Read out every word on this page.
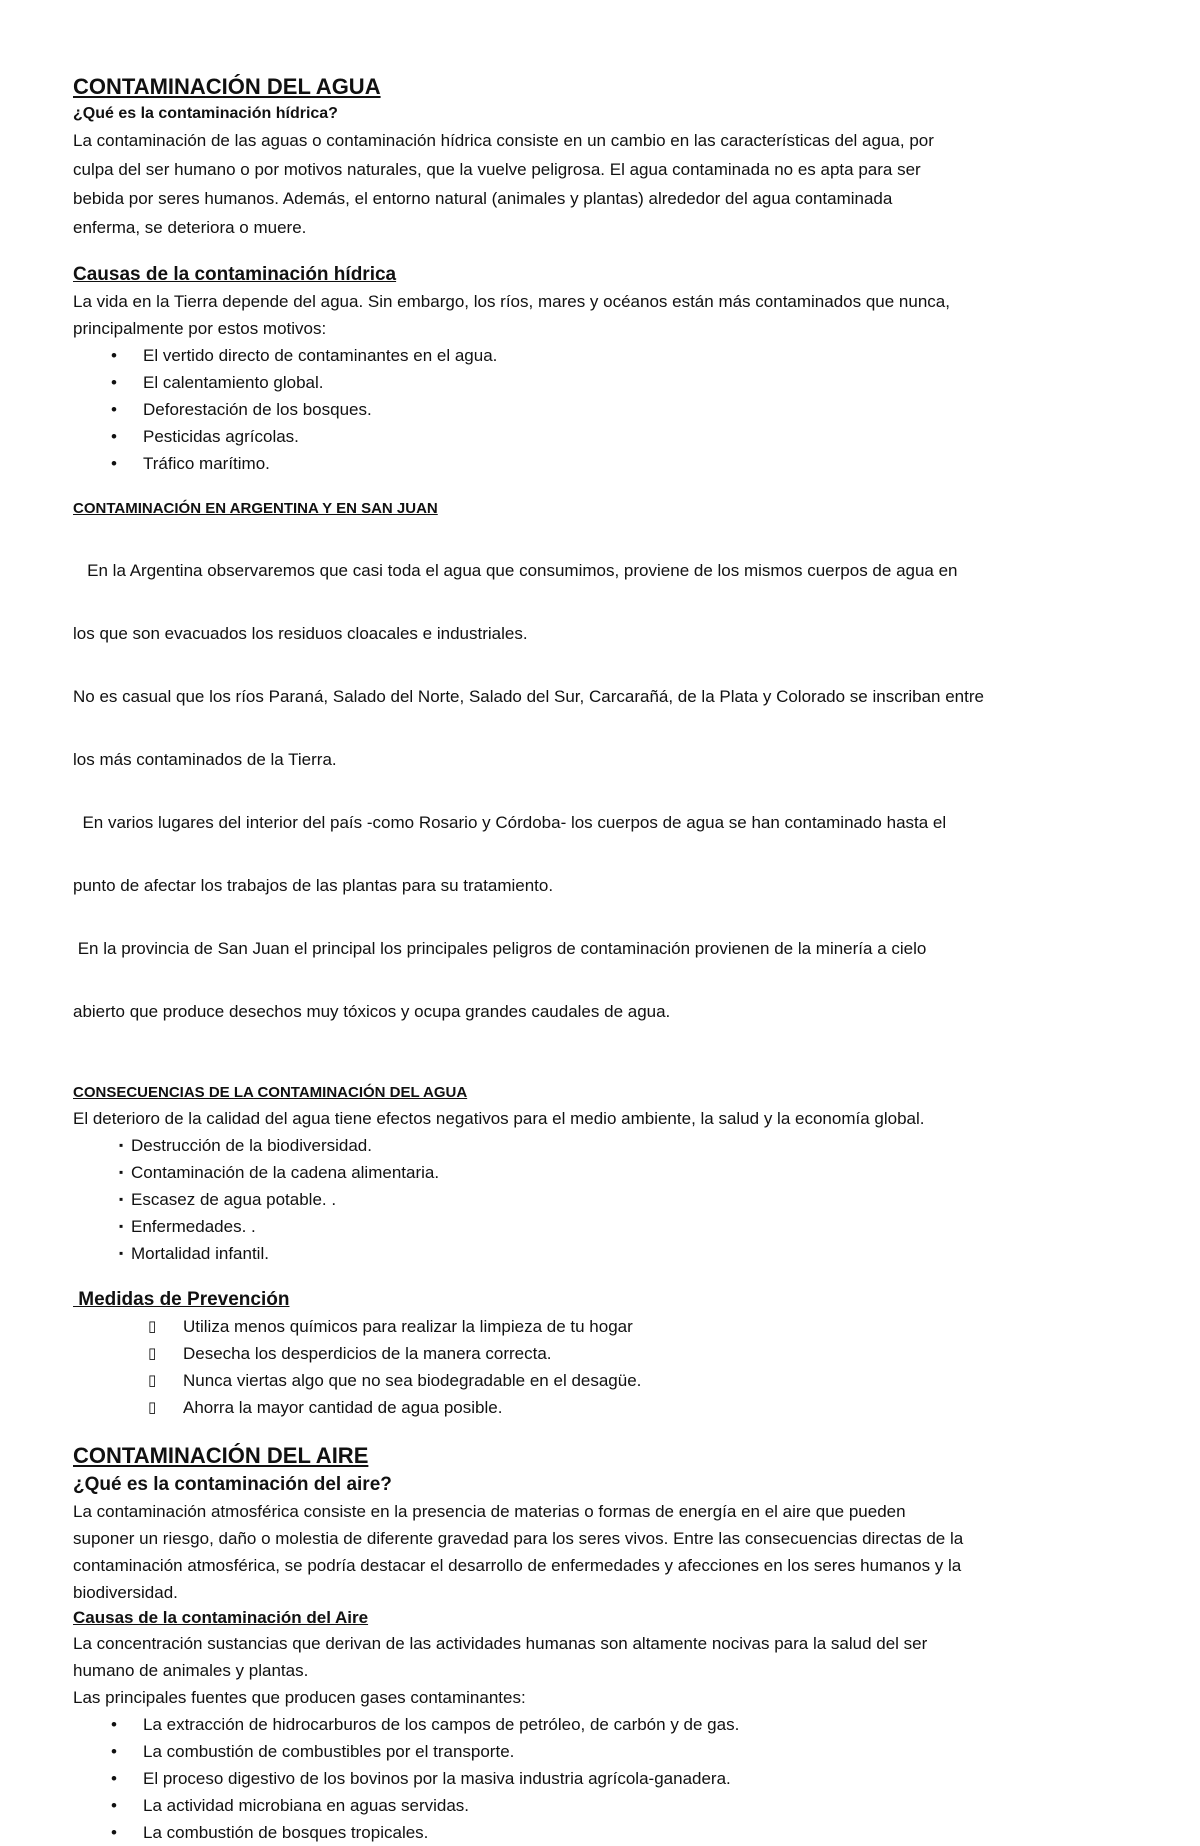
CONTAMINACIÓN DEL AGUA
¿Qué es la contaminación hídrica?

La contaminación de las aguas o contaminación hídrica consiste en un cambio en las características del agua, por

culpa del ser humano o por motivos naturales, que la vuelve peligrosa. El agua contaminada no es apta para ser

bebida por seres humanos. Además, el entorno natural (animales y plantas) alrededor del agua contaminada

enferma, se deteriora o muere.

Causas de la contaminación hídrica

La vida en la Tierra depende del agua. Sin embargo, los ríos, mares y océanos están más contaminados que nunca,

principalmente por estos motivos:

• El vertido directo de contaminantes en el agua.
• El calentamiento global.
• Deforestación de los bosques.
• Pesticidas agrícolas.
• Tráfico marítimo.
CONTAMINACIÓN EN ARGENTINA Y EN SAN JUAN

En la Argentina observaremos que casi toda el agua que consumimos, proviene de los mismos cuerpos de agua en

los que son evacuados los residuos cloacales e industriales.

No es casual que los ríos Paraná, Salado del Norte, Salado del Sur, Carcarañá, de la Plata y Colorado se inscriban entre

los más contaminados de la Tierra.

En varios lugares del interior del país -como Rosario y Córdoba- los cuerpos de agua se han contaminado hasta el

punto de afectar los trabajos de las plantas para su tratamiento.

En la provincia de San Juan el principal los principales peligros de contaminación provienen de la minería a cielo

abierto que produce desechos muy tóxicos y ocupa grandes caudales de agua.

CONSECUENCIAS DE LA CONTAMINACIÓN DEL AGUA

El deterioro de la calidad del agua tiene efectos negativos para el medio ambiente, la salud y la economía global.

▪ Destrucción de la biodiversidad.
▪ Contaminación de la cadena alimentaria.
▪ Escasez de agua potable. .
▪ Enfermedades. .
▪ Mortalidad infantil.
Medidas de Prevención
▯ Utiliza menos químicos para realizar la limpieza de tu hogar
▯ Desecha los desperdicios de la manera correcta.
▯ Nunca viertas algo que no sea biodegradable en el desagüe.
▯ Ahorra la mayor cantidad de agua posible.
CONTAMINACIÓN DEL AIRE
¿Qué es la contaminación del aire?

La contaminación atmosférica consiste en la presencia de materias o formas de energía en el aire que pueden

suponer un riesgo, daño o molestia de diferente gravedad para los seres vivos. Entre las consecuencias directas de la

contaminación atmosférica, se podría destacar el desarrollo de enfermedades y afecciones en los seres humanos y la

biodiversidad.

Causas de la contaminación del Aire

La concentración sustancias que derivan de las actividades humanas son altamente nocivas para la salud del ser

humano de animales y plantas.

Las principales fuentes que producen gases contaminantes:

• La extracción de hidrocarburos de los campos de petróleo, de carbón y de gas.
• La combustión de combustibles por el transporte.
• El proceso digestivo de los bovinos por la masiva industria agrícola-ganadera.
• La actividad microbiana en aguas servidas.
• La combustión de bosques tropicales.
